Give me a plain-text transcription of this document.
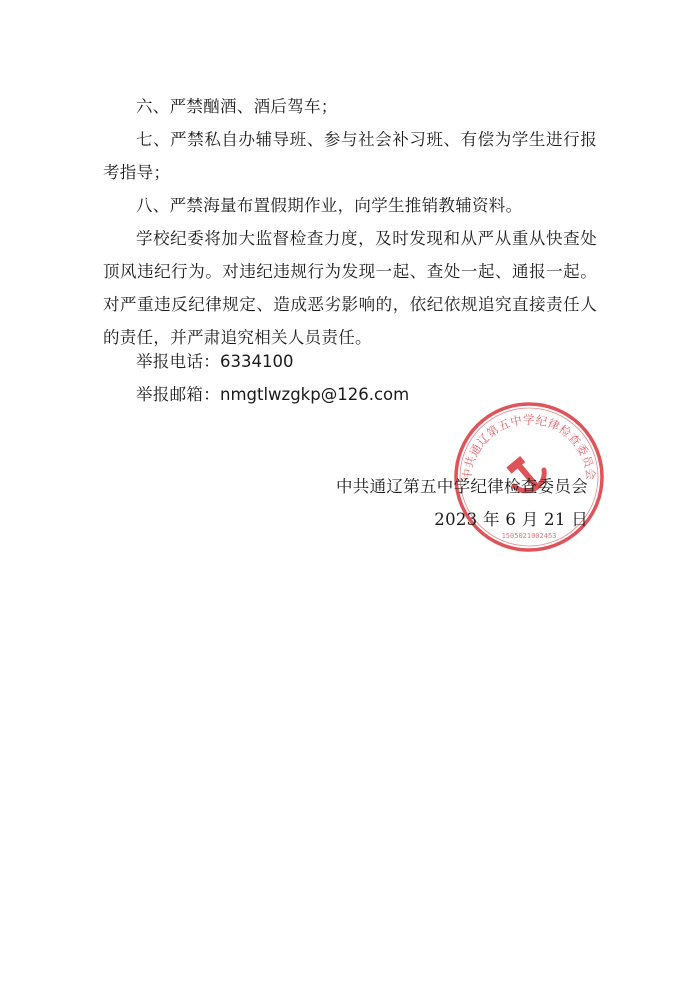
六、严禁酗酒、酒后驾车；

七、严禁私自办辅导班、参与社会补习班、有偿为学生进行报考指导；

八、严禁海量布置假期作业，向学生推销教辅资料。

学校纪委将加大监督检查力度，及时发现和从严从重从快查处顶风违纪行为。对违纪违规行为发现一起、查处一起、通报一起。对严重违反纪律规定、造成恶劣影响的，依纪依规追究直接责任人的责任，并严肃追究相关人员责任。

举报电话：6334100

举报邮箱：nmgtlwzgkp@126.com

中共通辽第五中学纪律检查委员会
1505021002453

中共通辽第五中学纪律检查委员会

2023 年 6 月 21 日
